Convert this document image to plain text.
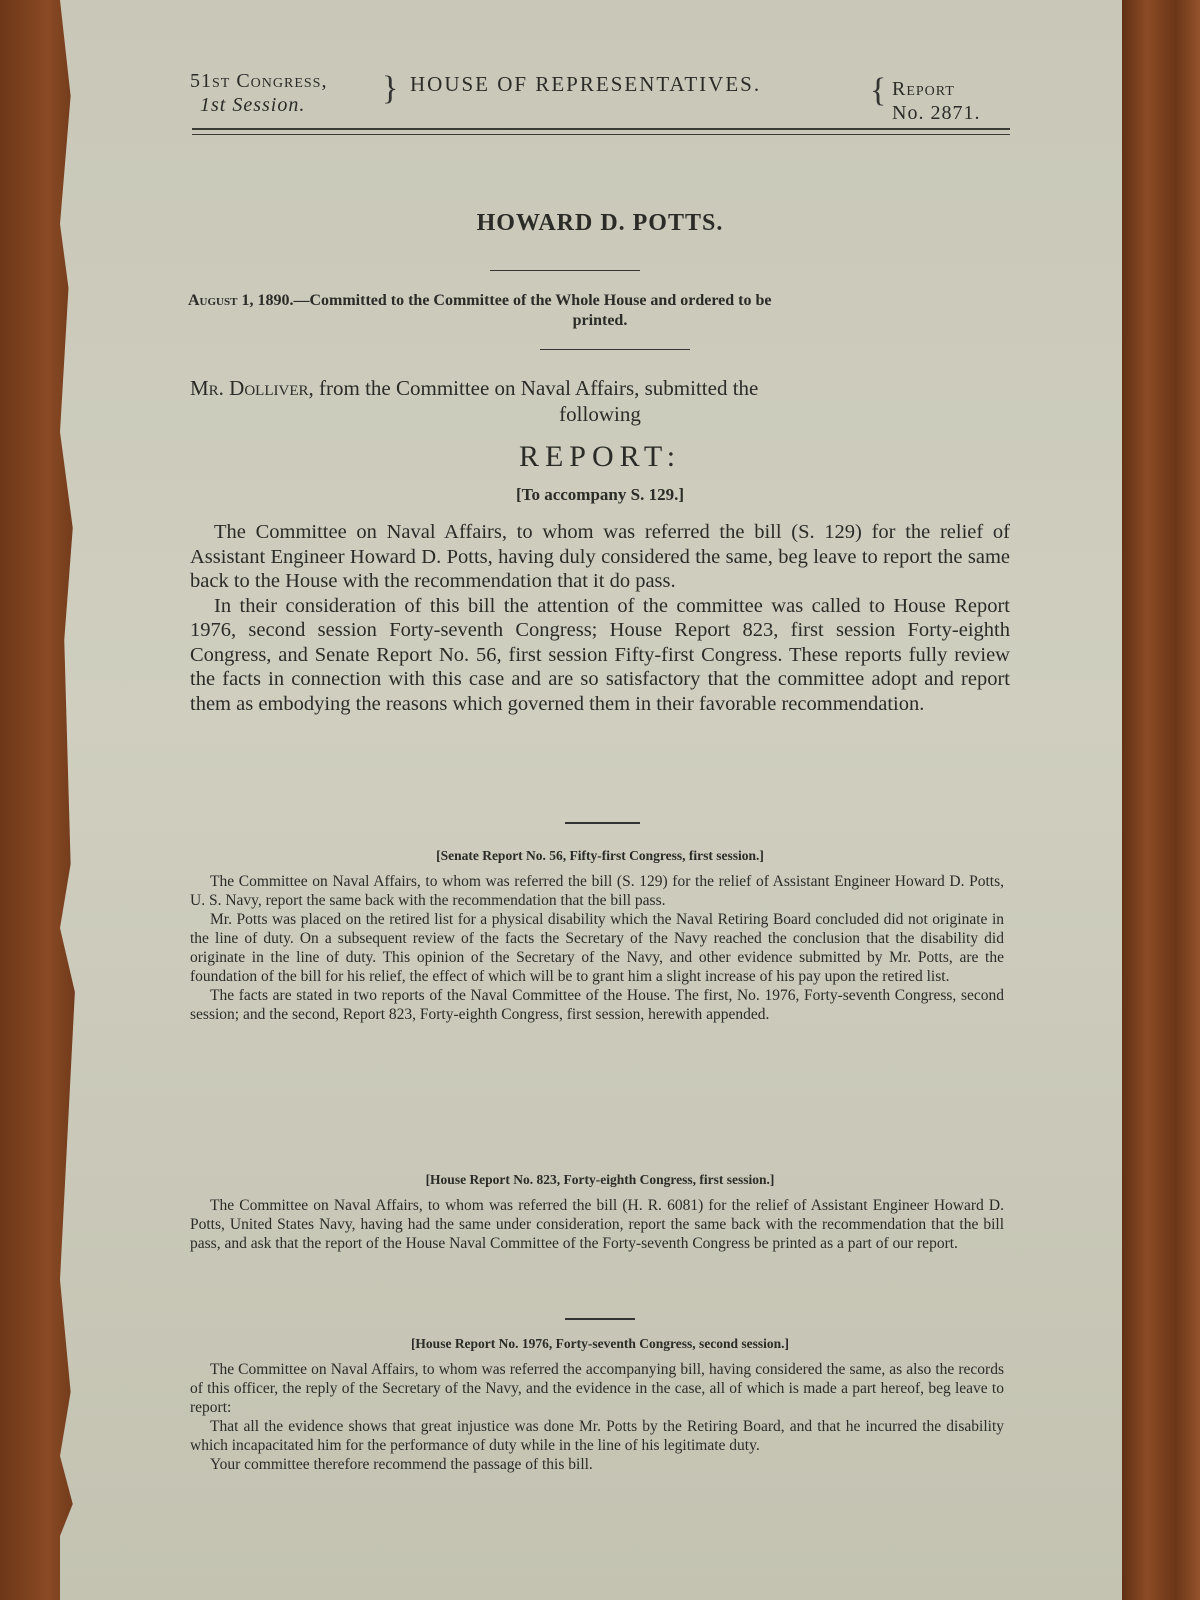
51st Congress,
1st Session. } HOUSE OF REPRESENTATIVES.	{ Report
No. 2871.
HOWARD D. POTTS.
August 1, 1890.—Committed to the Committee of the Whole House and ordered to be
printed.
Mr. Dolliver, from the Committee on Naval Affairs, submitted the
following
REPORT:
[To accompany S. 129.]

The Committee on Naval Affairs, to whom was referred the bill (S. 129) for the relief of Assistant Engineer Howard D. Potts, having duly considered the same, beg leave to report the same back to the House with the recommendation that it do pass.

In their consideration of this bill the attention of the committee was called to House Report 1976, second session Forty-seventh Congress; House Report 823, first session Forty-eighth Congress, and Senate Report No. 56, first session Fifty-first Congress. These reports fully review the facts in connection with this case and are so satisfactory that the committee adopt and report them as embodying the reasons which governed them in their favorable recommendation.

[Senate Report No. 56, Fifty-first Congress, first session.]

The Committee on Naval Affairs, to whom was referred the bill (S. 129) for the relief of Assistant Engineer Howard D. Potts, U. S. Navy, report the same back with the recommendation that the bill pass.

Mr. Potts was placed on the retired list for a physical disability which the Naval Retiring Board concluded did not originate in the line of duty. On a subsequent review of the facts the Secretary of the Navy reached the conclusion that the disability did originate in the line of duty. This opinion of the Secretary of the Navy, and other evidence submitted by Mr. Potts, are the foundation of the bill for his relief, the effect of which will be to grant him a slight increase of his pay upon the retired list.

The facts are stated in two reports of the Naval Committee of the House. The first, No. 1976, Forty-seventh Congress, second session; and the second, Report 823, Forty-eighth Congress, first session, herewith appended.

[House Report No. 823, Forty-eighth Congress, first session.]

The Committee on Naval Affairs, to whom was referred the bill (H. R. 6081) for the relief of Assistant Engineer Howard D. Potts, United States Navy, having had the same under consideration, report the same back with the recommendation that the bill pass, and ask that the report of the House Naval Committee of the Forty-seventh Congress be printed as a part of our report.

[House Report No. 1976, Forty-seventh Congress, second session.]

The Committee on Naval Affairs, to whom was referred the accompanying bill, having considered the same, as also the records of this officer, the reply of the Secretary of the Navy, and the evidence in the case, all of which is made a part hereof, beg leave to report:

That all the evidence shows that great injustice was done Mr. Potts by the Retiring Board, and that he incurred the disability which incapacitated him for the performance of duty while in the line of his legitimate duty.

Your committee therefore recommend the passage of this bill.
